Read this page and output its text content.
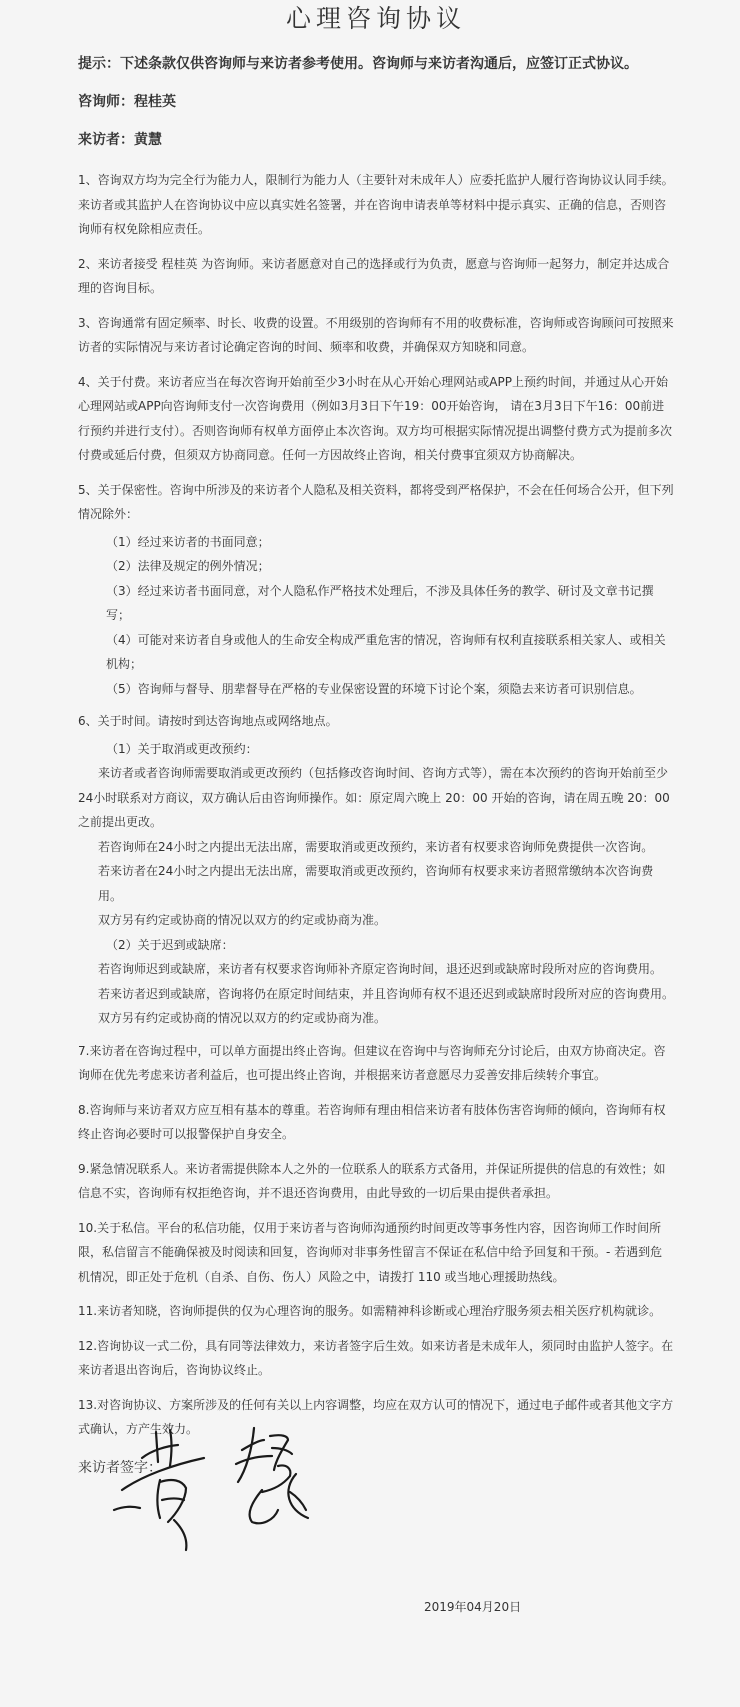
心理咨询协议
提示：下述条款仅供咨询师与来访者参考使用。咨询师与来访者沟通后，应签订正式协议。
咨询师：程桂英
来访者：黄慧

1、咨询双方均为完全行为能力人，限制行为能力人（主要针对未成年人）应委托监护人履行咨询协议认同手续。来访者或其监护人在咨询协议中应以真实姓名签署，并在咨询申请表单等材料中提示真实、正确的信息，否则咨询师有权免除相应责任。

2、来访者接受 程桂英 为咨询师。来访者愿意对自己的选择或行为负责，愿意与咨询师一起努力，制定并达成合理的咨询目标。

3、咨询通常有固定频率、时长、收费的设置。不用级别的咨询师有不用的收费标准，咨询师或咨询顾问可按照来访者的实际情况与来访者讨论确定咨询的时间、频率和收费，并确保双方知晓和同意。

4、关于付费。来访者应当在每次咨询开始前至少3小时在从心开始心理网站或APP上预约时间，并通过从心开始心理网站或APP向咨询师支付一次咨询费用（例如3月3日下午19：00开始咨询， 请在3月3日下午16：00前进行预约并进行支付）。否则咨询师有权单方面停止本次咨询。双方均可根据实际情况提出调整付费方式为提前多次付费或延后付费，但须双方协商同意。任何一方因故终止咨询，相关付费事宜须双方协商解决。

5、关于保密性。咨询中所涉及的来访者个人隐私及相关资料，都将受到严格保护，不会在任何场合公开，但下列情况除外：

（1）经过来访者的书面同意；
（2）法律及规定的例外情况；
（3）经过来访者书面同意，对个人隐私作严格技术处理后，不涉及具体任务的教学、研讨及文章书记撰写；
（4）可能对来访者自身或他人的生命安全构成严重危害的情况，咨询师有权利直接联系相关家人、或相关机构；
（5）咨询师与督导、朋辈督导在严格的专业保密设置的环境下讨论个案，须隐去来访者可识别信息。

6、关于时间。请按时到达咨询地点或网络地点。

（1）关于取消或更改预约：
来访者或者咨询师需要取消或更改预约（包括修改咨询时间、咨询方式等），需在本次预约的咨询开始前至少24小时联系对方商议，双方确认后由咨询师操作。如：原定周六晚上 20：00 开始的咨询，请在周五晚 20：00 之前提出更改。
若咨询师在24小时之内提出无法出席，需要取消或更改预约，来访者有权要求咨询师免费提供一次咨询。
若来访者在24小时之内提出无法出席，需要取消或更改预约，咨询师有权要求来访者照常缴纳本次咨询费用。
双方另有约定或协商的情况以双方的约定或协商为准。
（2）关于迟到或缺席：
若咨询师迟到或缺席，来访者有权要求咨询师补齐原定咨询时间，退还迟到或缺席时段所对应的咨询费用。
若来访者迟到或缺席，咨询将仍在原定时间结束，并且咨询师有权不退还迟到或缺席时段所对应的咨询费用。
双方另有约定或协商的情况以双方的约定或协商为准。

7.来访者在咨询过程中，可以单方面提出终止咨询。但建议在咨询中与咨询师充分讨论后，由双方协商决定。咨询师在优先考虑来访者利益后，也可提出终止咨询，并根据来访者意愿尽力妥善安排后续转介事宜。

8.咨询师与来访者双方应互相有基本的尊重。若咨询师有理由相信来访者有肢体伤害咨询师的倾向，咨询师有权终止咨询必要时可以报警保护自身安全。

9.紧急情况联系人。来访者需提供除本人之外的一位联系人的联系方式备用，并保证所提供的信息的有效性；如信息不实，咨询师有权拒绝咨询，并不退还咨询费用，由此导致的一切后果由提供者承担。

10.关于私信。平台的私信功能，仅用于来访者与咨询师沟通预约时间更改等事务性内容，因咨询师工作时间所限，私信留言不能确保被及时阅读和回复，咨询师对非事务性留言不保证在私信中给予回复和干预。- 若遇到危机情况，即正处于危机（自杀、自伤、伤人）风险之中，请拨打 110 或当地心理援助热线。

11.来访者知晓，咨询师提供的仅为心理咨询的服务。如需精神科诊断或心理治疗服务须去相关医疗机构就诊。

12.咨询协议一式二份，具有同等法律效力，来访者签字后生效。如来访者是未成年人，须同时由监护人签字。在来访者退出咨询后，咨询协议终止。

13.对咨询协议、方案所涉及的任何有关以上内容调整，均应在双方认可的情况下，通过电子邮件或者其他文字方式确认，方产生效力。

来访者签字：
2019年04月20日
